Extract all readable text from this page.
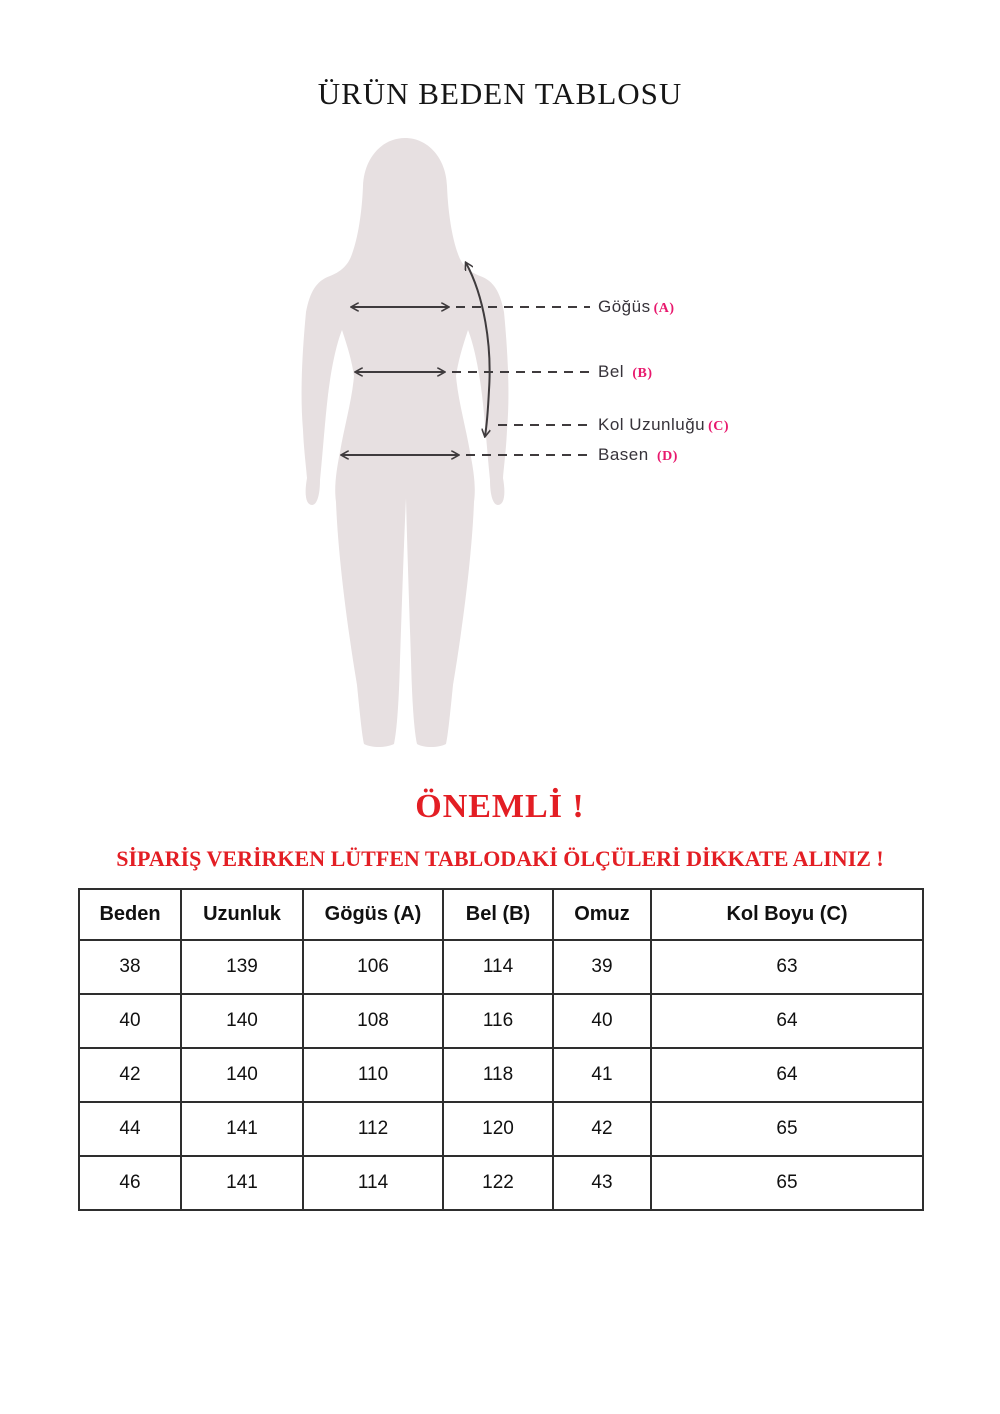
ÜRÜN BEDEN TABLOSU
Göğüs (A)
Bel (B)
Kol Uzunluğu (C)
Basen (D)
ÖNEMLİ !
SİPARİŞ VERİRKEN LÜTFEN TABLODAKİ ÖLÇÜLERİ DİKKATE ALINIZ !
Beden	Uzunluk	Gögüs (A)	Bel (B)	Omuz	Kol Boyu (C)
38	139	106	114	39	63
40	140	108	116	40	64
42	140	110	118	41	64
44	141	112	120	42	65
46	141	114	122	43	65
